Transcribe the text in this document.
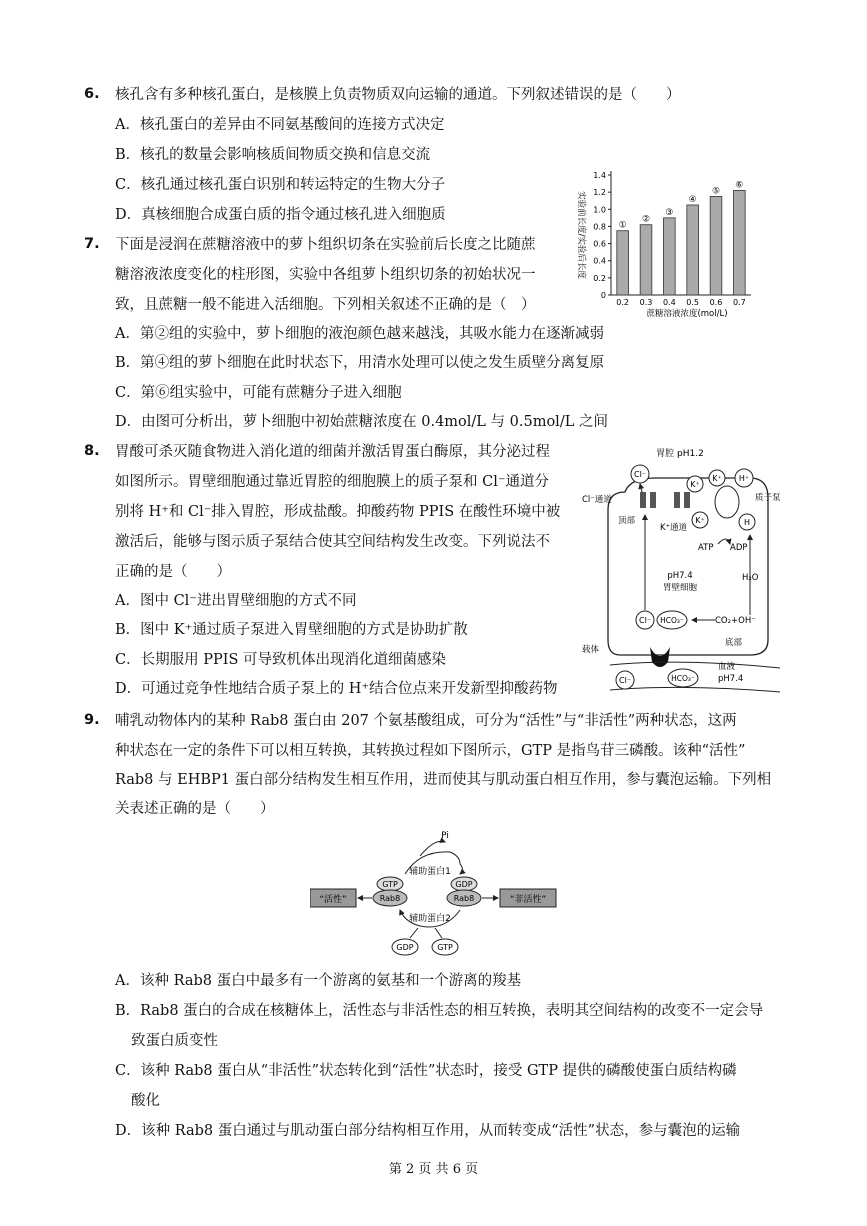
6. 核孔含有多种核孔蛋白，是核膜上负责物质双向运输的通道。下列叙述错误的是（　　）
A．核孔蛋白的差异由不同氨基酸间的连接方式决定
B．核孔的数量会影响核质间物质交换和信息交流
C．核孔通过核孔蛋白识别和转运特定的生物大分子
D．真核细胞合成蛋白质的指令通过核孔进入细胞质
7. 下面是浸润在蔗糖溶液中的萝卜组织切条在实验前后长度之比随蔗
糖溶液浓度变化的柱形图，实验中各组萝卜组织切条的初始状况一
致，且蔗糖一般不能进入活细胞。下列相关叙述不正确的是（　）
A．第②组的实验中，萝卜细胞的液泡颜色越来越浅，其吸水能力在逐渐减弱
B．第④组的萝卜细胞在此时状态下，用清水处理可以使之发生质壁分离复原
C．第⑥组实验中，可能有蔗糖分子进入细胞
D．由图可分析出，萝卜细胞中初始蔗糖浓度在 0.4mol/L 与 0.5mol/L 之间
0
0.2
0.4
0.6
0.8
1.0
1.2
1.4
①
0.2
②
0.3
③
0.4
④
0.5
⑤
0.6
⑥
0.7
蔗糖溶液浓度(mol/L)
实验前长度/实验后长度
8. 胃酸可杀灭随食物进入消化道的细菌并激活胃蛋白酶原，其分泌过程
如图所示。胃壁细胞通过靠近胃腔的细胞膜上的质子泵和 Cl⁻通道分
别将 H⁺和 Cl⁻排入胃腔，形成盐酸。抑酸药物 PPIS 在酸性环境中被
激活后，能够与图示质子泵结合使其空间结构发生改变。下列说法不
正确的是（　　）
A．图中 Cl⁻进出胃壁细胞的方式不同
B．图中 K⁺通过质子泵进入胃壁细胞的方式是协助扩散
C．长期服用 PPIS 可导致机体出现消化道细菌感染
D．可通过竞争性地结合质子泵上的 H⁺结合位点来开发新型抑酸药物
胃腔 pH1.2
Cl⁻通道
顶部
Cl⁻
K⁺通道
K⁺
K⁺ H⁺
质子泵
K⁺	H
ATP ADP
pH7.4
胃壁细胞
H₂O
CO₂+OH⁻
Cl⁻ HCO₃⁻
底部
载体
血液
pH7.4
Cl⁻	HCO₃⁻
9. 哺乳动物体内的某种 Rab8 蛋白由 207 个氨基酸组成，可分为“活性”与“非活性”两种状态，这两
种状态在一定的条件下可以相互转换，其转换过程如下图所示，GTP 是指鸟苷三磷酸。该种“活性”
Rab8 与 EHBP1 蛋白部分结构发生相互作用，进而使其与肌动蛋白相互作用，参与囊泡运输。下列相
关表述正确的是（　　）
Pi
辅助蛋白1
GTP
Rab8
GDP
Rab8
“活性”	“非活性”
辅助蛋白2
GDP	GTP
A．该种 Rab8 蛋白中最多有一个游离的氨基和一个游离的羧基
B．Rab8 蛋白的合成在核糖体上，活性态与非活性态的相互转换，表明其空间结构的改变不一定会导
致蛋白质变性
C．该种 Rab8 蛋白从“非活性”状态转化到“活性”状态时，接受 GTP 提供的磷酸使蛋白质结构磷
酸化
D．该种 Rab8 蛋白通过与肌动蛋白部分结构相互作用，从而转变成“活性”状态，参与囊泡的运输
第 2 页 共 6 页
